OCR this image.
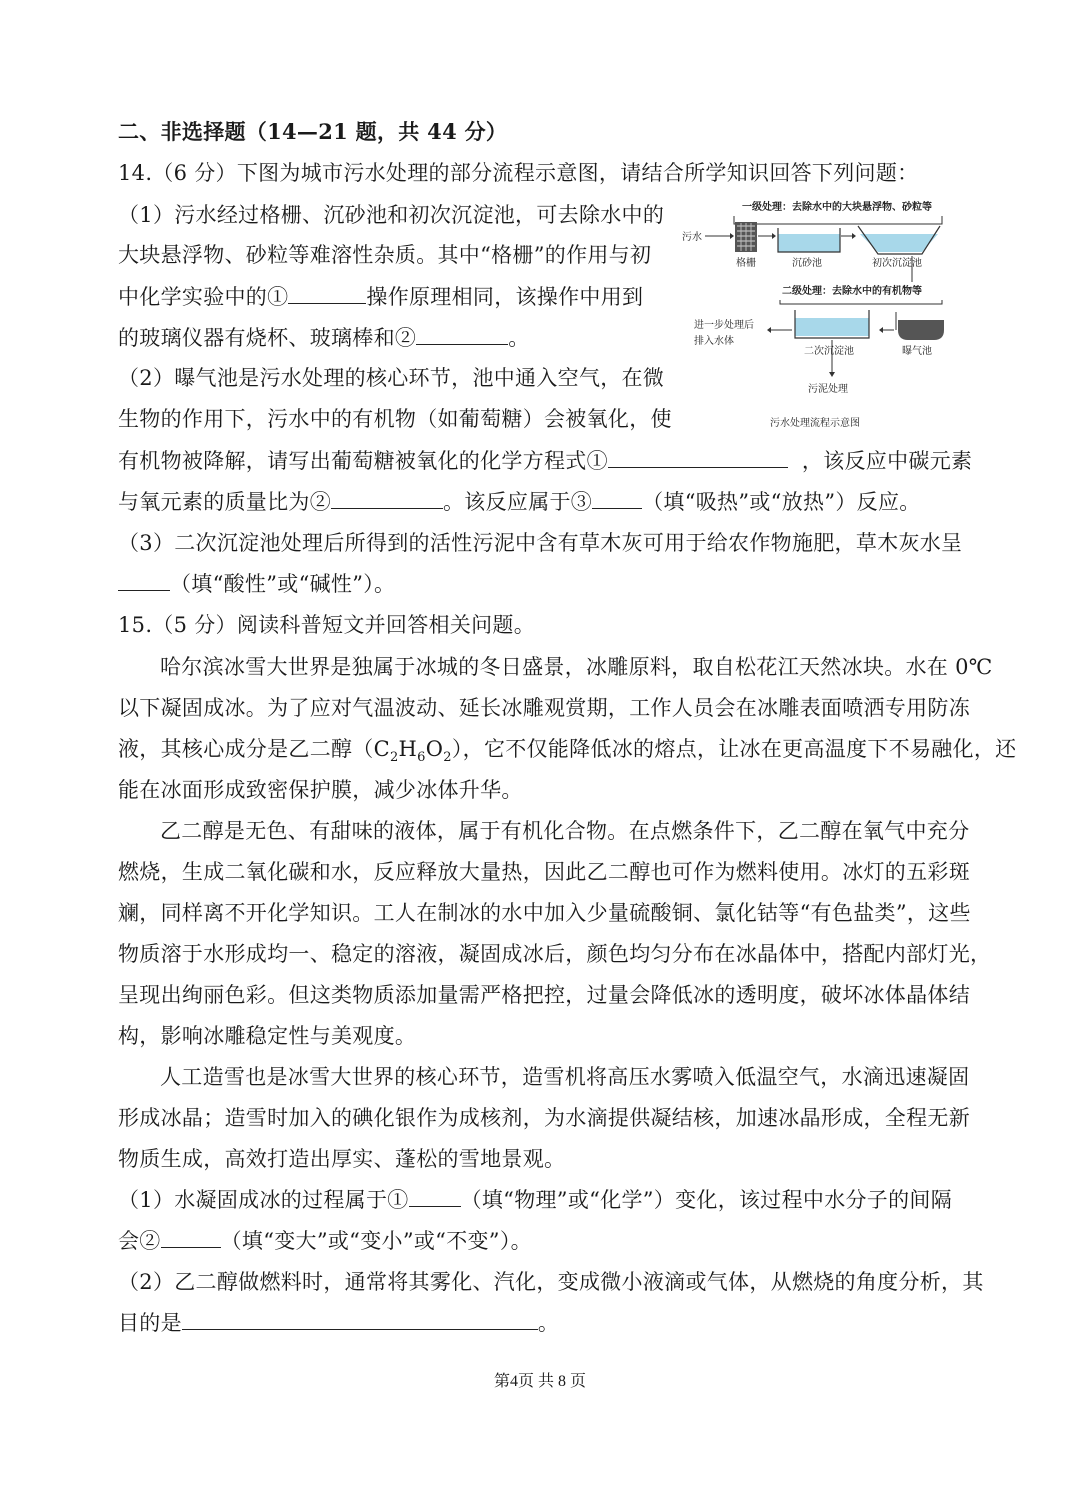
二、非选择题（14—21 题，共 44 分）
14.（6 分）下图为城市污水处理的部分流程示意图，请结合所学知识回答下列问题：
（1）污水经过格栅、沉砂池和初次沉淀池，可去除水中的
大块悬浮物、砂粒等难溶性杂质。其中“格栅”的作用与初
中化学实验中的①	操作原理相同，该操作中用到
的玻璃仪器有烧杯、玻璃棒和②	。
（2）曝气池是污水处理的核心环节，池中通入空气，在微
生物的作用下，污水中的有机物（如葡萄糖）会被氧化，使
有机物被降解，请写出葡萄糖被氧化的化学方程式①	，该反应中碳元素
与氧元素的质量比为②	。该反应属于③ （填“吸热”或“放热”）反应。
（3）二次沉淀池处理后所得到的活性污泥中含有草木灰可用于给农作物施肥，草木灰水呈
（填“酸性”或“碱性”）。
一级处理：去除水中的大块悬浮物、砂粒等
污水
格栅	沉砂池	初次沉淀池
二级处理：去除水中的有机物等
进一步处理后
排入水体
二次沉淀池	曝气池
污泥处理
污水处理流程示意图
15.（5 分）阅读科普短文并回答相关问题。
哈尔滨冰雪大世界是独属于冰城的冬日盛景，冰雕原料，取自松花江天然冰块。水在 0℃
以下凝固成冰。为了应对气温波动、延长冰雕观赏期，工作人员会在冰雕表面喷洒专用防冻
液，其核心成分是乙二醇$(C_2H_6O_2)$，它不仅能降低冰的熔点，让冰在更高温度下不易融化，还
能在冰面形成致密保护膜，减少冰体升华。
乙二醇是无色、有甜味的液体，属于有机化合物。在点燃条件下，乙二醇在氧气中充分
燃烧，生成二氧化碳和水，反应释放大量热，因此乙二醇也可作为燃料使用。冰灯的五彩斑
斓，同样离不开化学知识。工人在制冰的水中加入少量硫酸铜、氯化钴等“有色盐类”，这些
物质溶于水形成均一、稳定的溶液，凝固成冰后，颜色均匀分布在冰晶体中，搭配内部灯光，
呈现出绚丽色彩。但这类物质添加量需严格把控，过量会降低冰的透明度，破坏冰体晶体结
构，影响冰雕稳定性与美观度。
人工造雪也是冰雪大世界的核心环节，造雪机将高压水雾喷入低温空气，水滴迅速凝固
形成冰晶；造雪时加入的碘化银作为成核剂，为水滴提供凝结核，加速冰晶形成，全程无新
物质生成，高效打造出厚实、蓬松的雪地景观。
（1）水凝固成冰的过程属于① （填“物理”或“化学”）变化，该过程中水分子的间隔
会②	（填“变大”或“变小”或“不变”）。
（2）乙二醇做燃料时，通常将其雾化、汽化，变成微小液滴或气体，从燃烧的角度分析，其
目的是	。
第4页 共 8 页
